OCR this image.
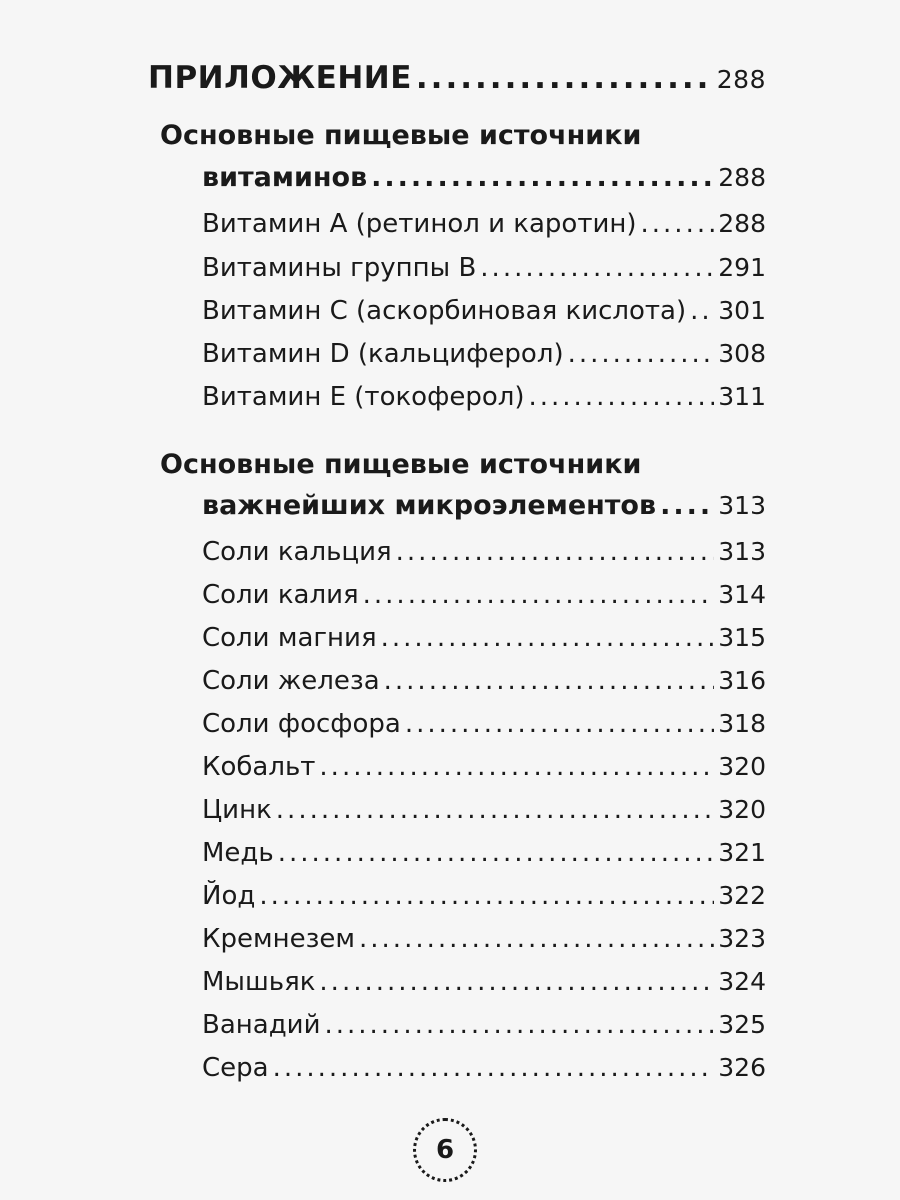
ПРИЛОЖЕНИЕ .....	288
Основные пищевые источники
витаминов .....	288
Витамин А (ретинол и каротин) .....	288
Витамины группы В .....	291
Витамин С (аскорбиновая кислота) ..... 301
Витамин D (кальциферол) .....	308
Витамин Е (токоферол) .....	311
Основные пищевые источники
важнейших микроэлементов ..... 313
Соли кальция .....	313
Соли калия .....	314
Соли магния .....	315
Соли железа .....	316
Соли фосфора .....	318
Кобальт .....	320
Цинк .....	320
Медь .....	321
Йод .....	322
Кремнезем .....	323
Мышьяк .....	324
Ванадий .....	325
Сера .....	326
6
